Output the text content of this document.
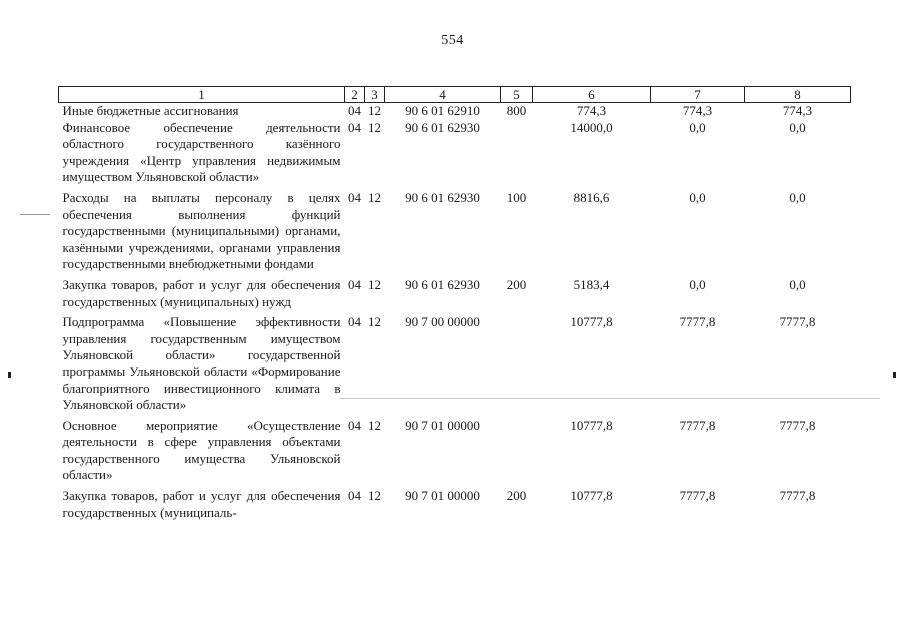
554
1	2	3	4	5	6	7	8
Иные бюджетные ассигнования	04	12	90 6 01 62910	800	774,3	774,3	774,3
Финансовое обеспечение деятельности областного государственного казённого учреждения «Центр управления недвижимым имуществом Ульяновской области»	04	12	90 6 01 62930		14000,0	0,0	0,0
Расходы на выплаты персоналу в целях обеспечения выполнения функций государственными (муниципальными) органами, казёнными учреждениями, органами управления государственными внебюджетными фондами	04	12	90 6 01 62930	100	8816,6	0,0	0,0
Закупка товаров, работ и услуг для обеспечения государственных (муниципальных) нужд	04	12	90 6 01 62930	200	5183,4	0,0	0,0
Подпрограмма «Повышение эффективности управления государственным имуществом Ульяновской области» государственной программы Ульяновской области «Формирование благоприятного инвестиционного климата в Ульяновской области»	04	12	90 7 00 00000		10777,8	7777,8	7777,8
Основное мероприятие «Осуществление деятельности в сфере управления объектами государственного имущества Ульяновской области»	04	12	90 7 01 00000		10777,8	7777,8	7777,8
Закупка товаров, работ и услуг для обеспечения государственных (муниципаль-	04	12	90 7 01 00000	200	10777,8	7777,8	7777,8
